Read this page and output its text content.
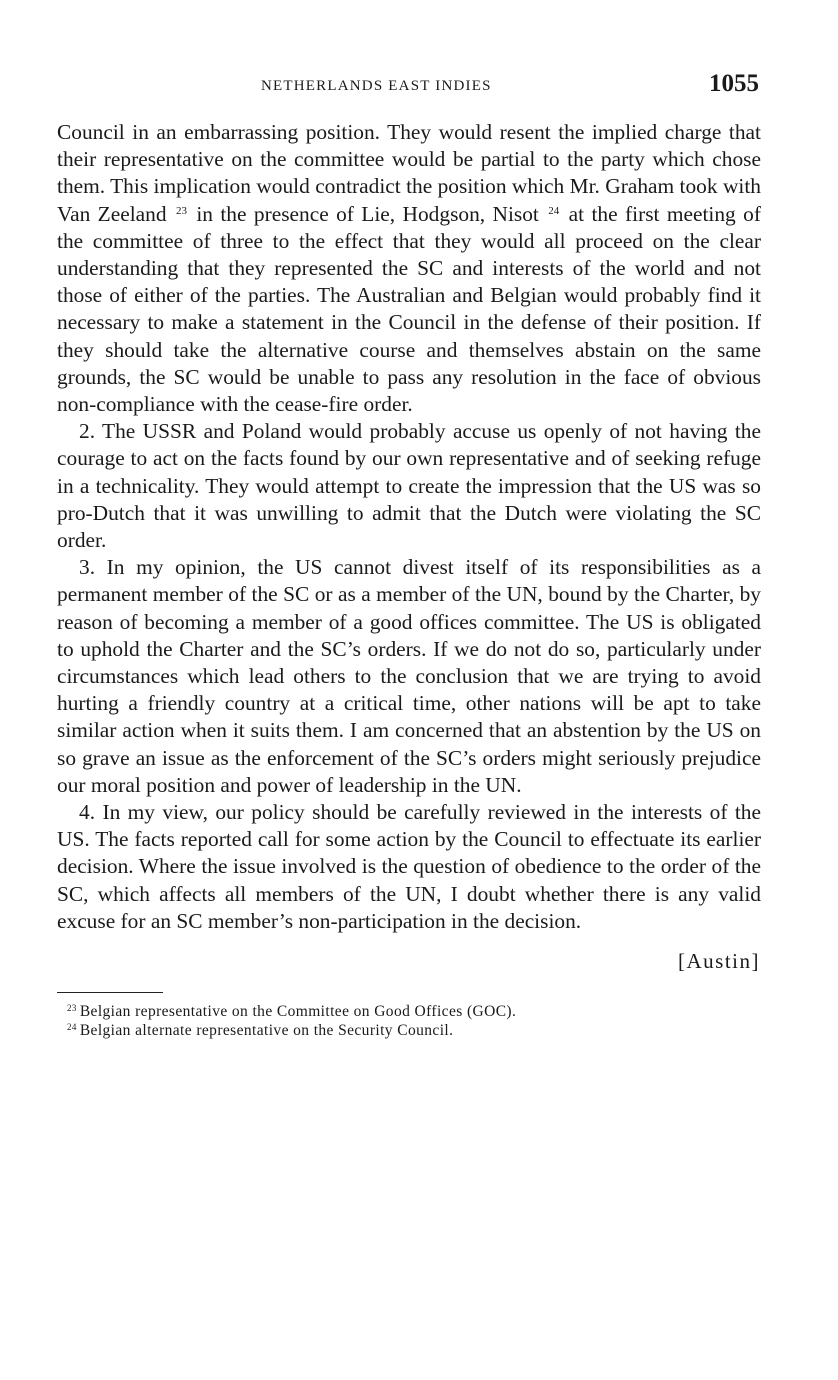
NETHERLANDS EAST INDIES	1055

Council in an embarrassing position. They would resent the implied charge that their representative on the committee would be partial to the party which chose them. This implication would contradict the position which Mr. Graham took with Van Zeeland $^{23}$ in the presence of Lie, Hodgson, Nisot $^{24}$ at the first meeting of the committee of three to the effect that they would all proceed on the clear understanding that they represented the SC and interests of the world and not those of either of the parties. The Australian and Belgian would probably find it necessary to make a statement in the Council in the defense of their position. If they should take the alternative course and themselves abstain on the same grounds, the SC would be unable to pass any resolution in the face of obvious non-compliance with the cease-fire order.

2. The USSR and Poland would probably accuse us openly of not having the courage to act on the facts found by our own representative and of seeking refuge in a technicality. They would attempt to create the impression that the US was so pro-Dutch that it was unwilling to admit that the Dutch were violating the SC order.

3. In my opinion, the US cannot divest itself of its responsibilities as a permanent member of the SC or as a member of the UN, bound by the Charter, by reason of becoming a member of a good offices committee. The US is obligated to uphold the Charter and the SC’s orders. If we do not do so, particularly under circumstances which lead others to the conclusion that we are trying to avoid hurting a friendly country at a critical time, other nations will be apt to take similar action when it suits them. I am concerned that an abstention by the US on so grave an issue as the enforcement of the SC’s orders might seriously prejudice our moral position and power of leadership in the UN.

4. In my view, our policy should be carefully reviewed in the interests of the US. The facts reported call for some action by the Council to effectuate its earlier decision. Where the issue involved is the question of obedience to the order of the SC, which affects all members of the UN, I doubt whether there is any valid excuse for an SC member’s non-participation in the decision.

[Austin]
$^{23}$ Belgian representative on the Committee on Good Offices (GOC).
$^{24}$ Belgian alternate representative on the Security Council.
